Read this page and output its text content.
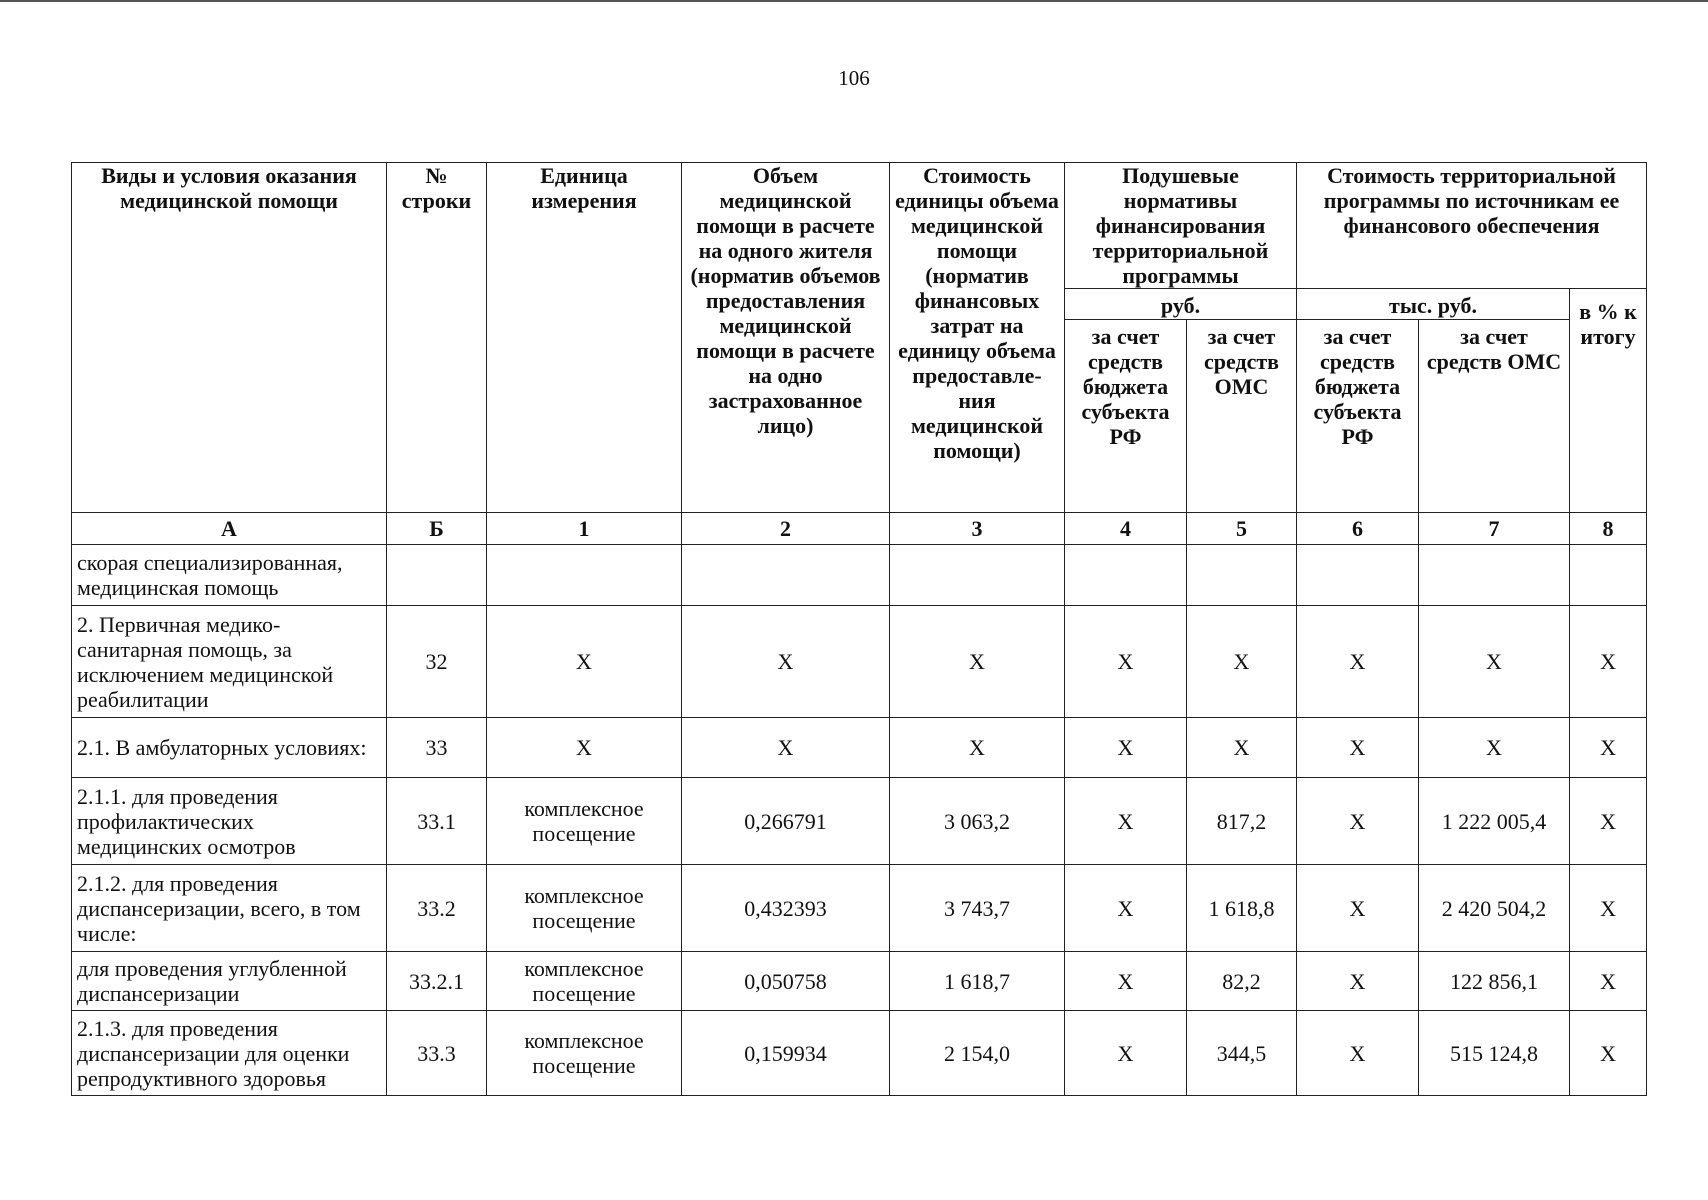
106
Виды и условия оказания медицинской помощи	№ строки	Единица измерения	Объем медицинской помощи в расчете на одного жителя (норматив объемов предоставления медицинской помощи в расчете на одно застрахованное лицо)	Стоимость единицы объема медицинской помощи (норматив финансовых затрат на единицу объема предоставле-ния медицинской помощи)	Подушевые нормативы финансирования территориальной программы		Стоимость территориальной программы по источникам ее финансового обеспечения		

					руб.		тыс. руб.		в % к итогу

					за счет средств бюджета субъекта РФ	за счет средств ОМС	за счет средств бюджета субъекта РФ	за счет средств ОМС	

А	Б	1	2	3	4	5	6	7	8
скорая специализированная, медицинская помощь									
2. Первичная медико-санитарная помощь, за исключением медицинской реабилитации	32	X	X	X	X	X	X	X	X
2.1. В амбулаторных условиях:	33	X	X	X	X	X	X	X	X
2.1.1. для проведения профилактических медицинских осмотров	33.1	комплексное посещение	0,266791	3 063,2	X	817,2	X	1 222 005,4	X
2.1.2. для проведения диспансеризации, всего, в том числе:	33.2	комплексное посещение	0,432393	3 743,7	X	1 618,8	X	2 420 504,2	X
для проведения углубленной диспансеризации	33.2.1	комплексное посещение	0,050758	1 618,7	X	82,2	X	122 856,1	X
2.1.3. для проведения диспансеризации для оценки репродуктивного здоровья	33.3	комплексное посещение	0,159934	2 154,0	X	344,5	X	515 124,8	X
